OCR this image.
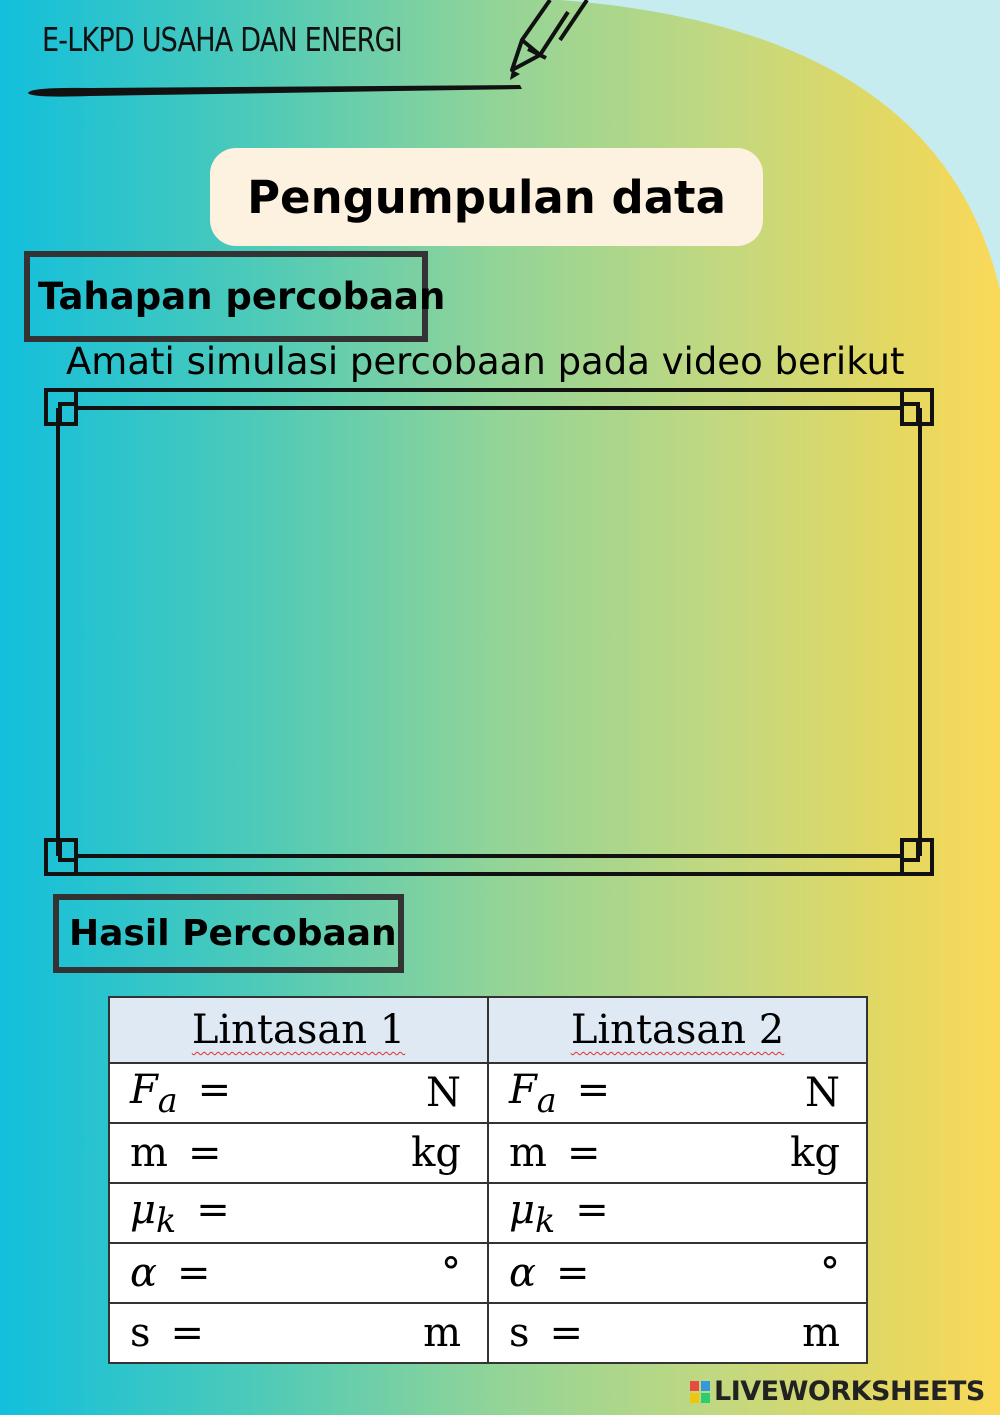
E-LKPD USAHA DAN ENERGI
Pengumpulan data
Tahapan percobaan
Amati simulasi percobaan pada video berikut
Hasil Percobaan
Lintasan 1	Lintasan 2

$F_a = N$	$F_a = N$

m = kg	m = kg

$\mu_k$ =	$\mu_k$ =

α = °	α = °

s = m	s = m
LIVEWORKSHEETS
